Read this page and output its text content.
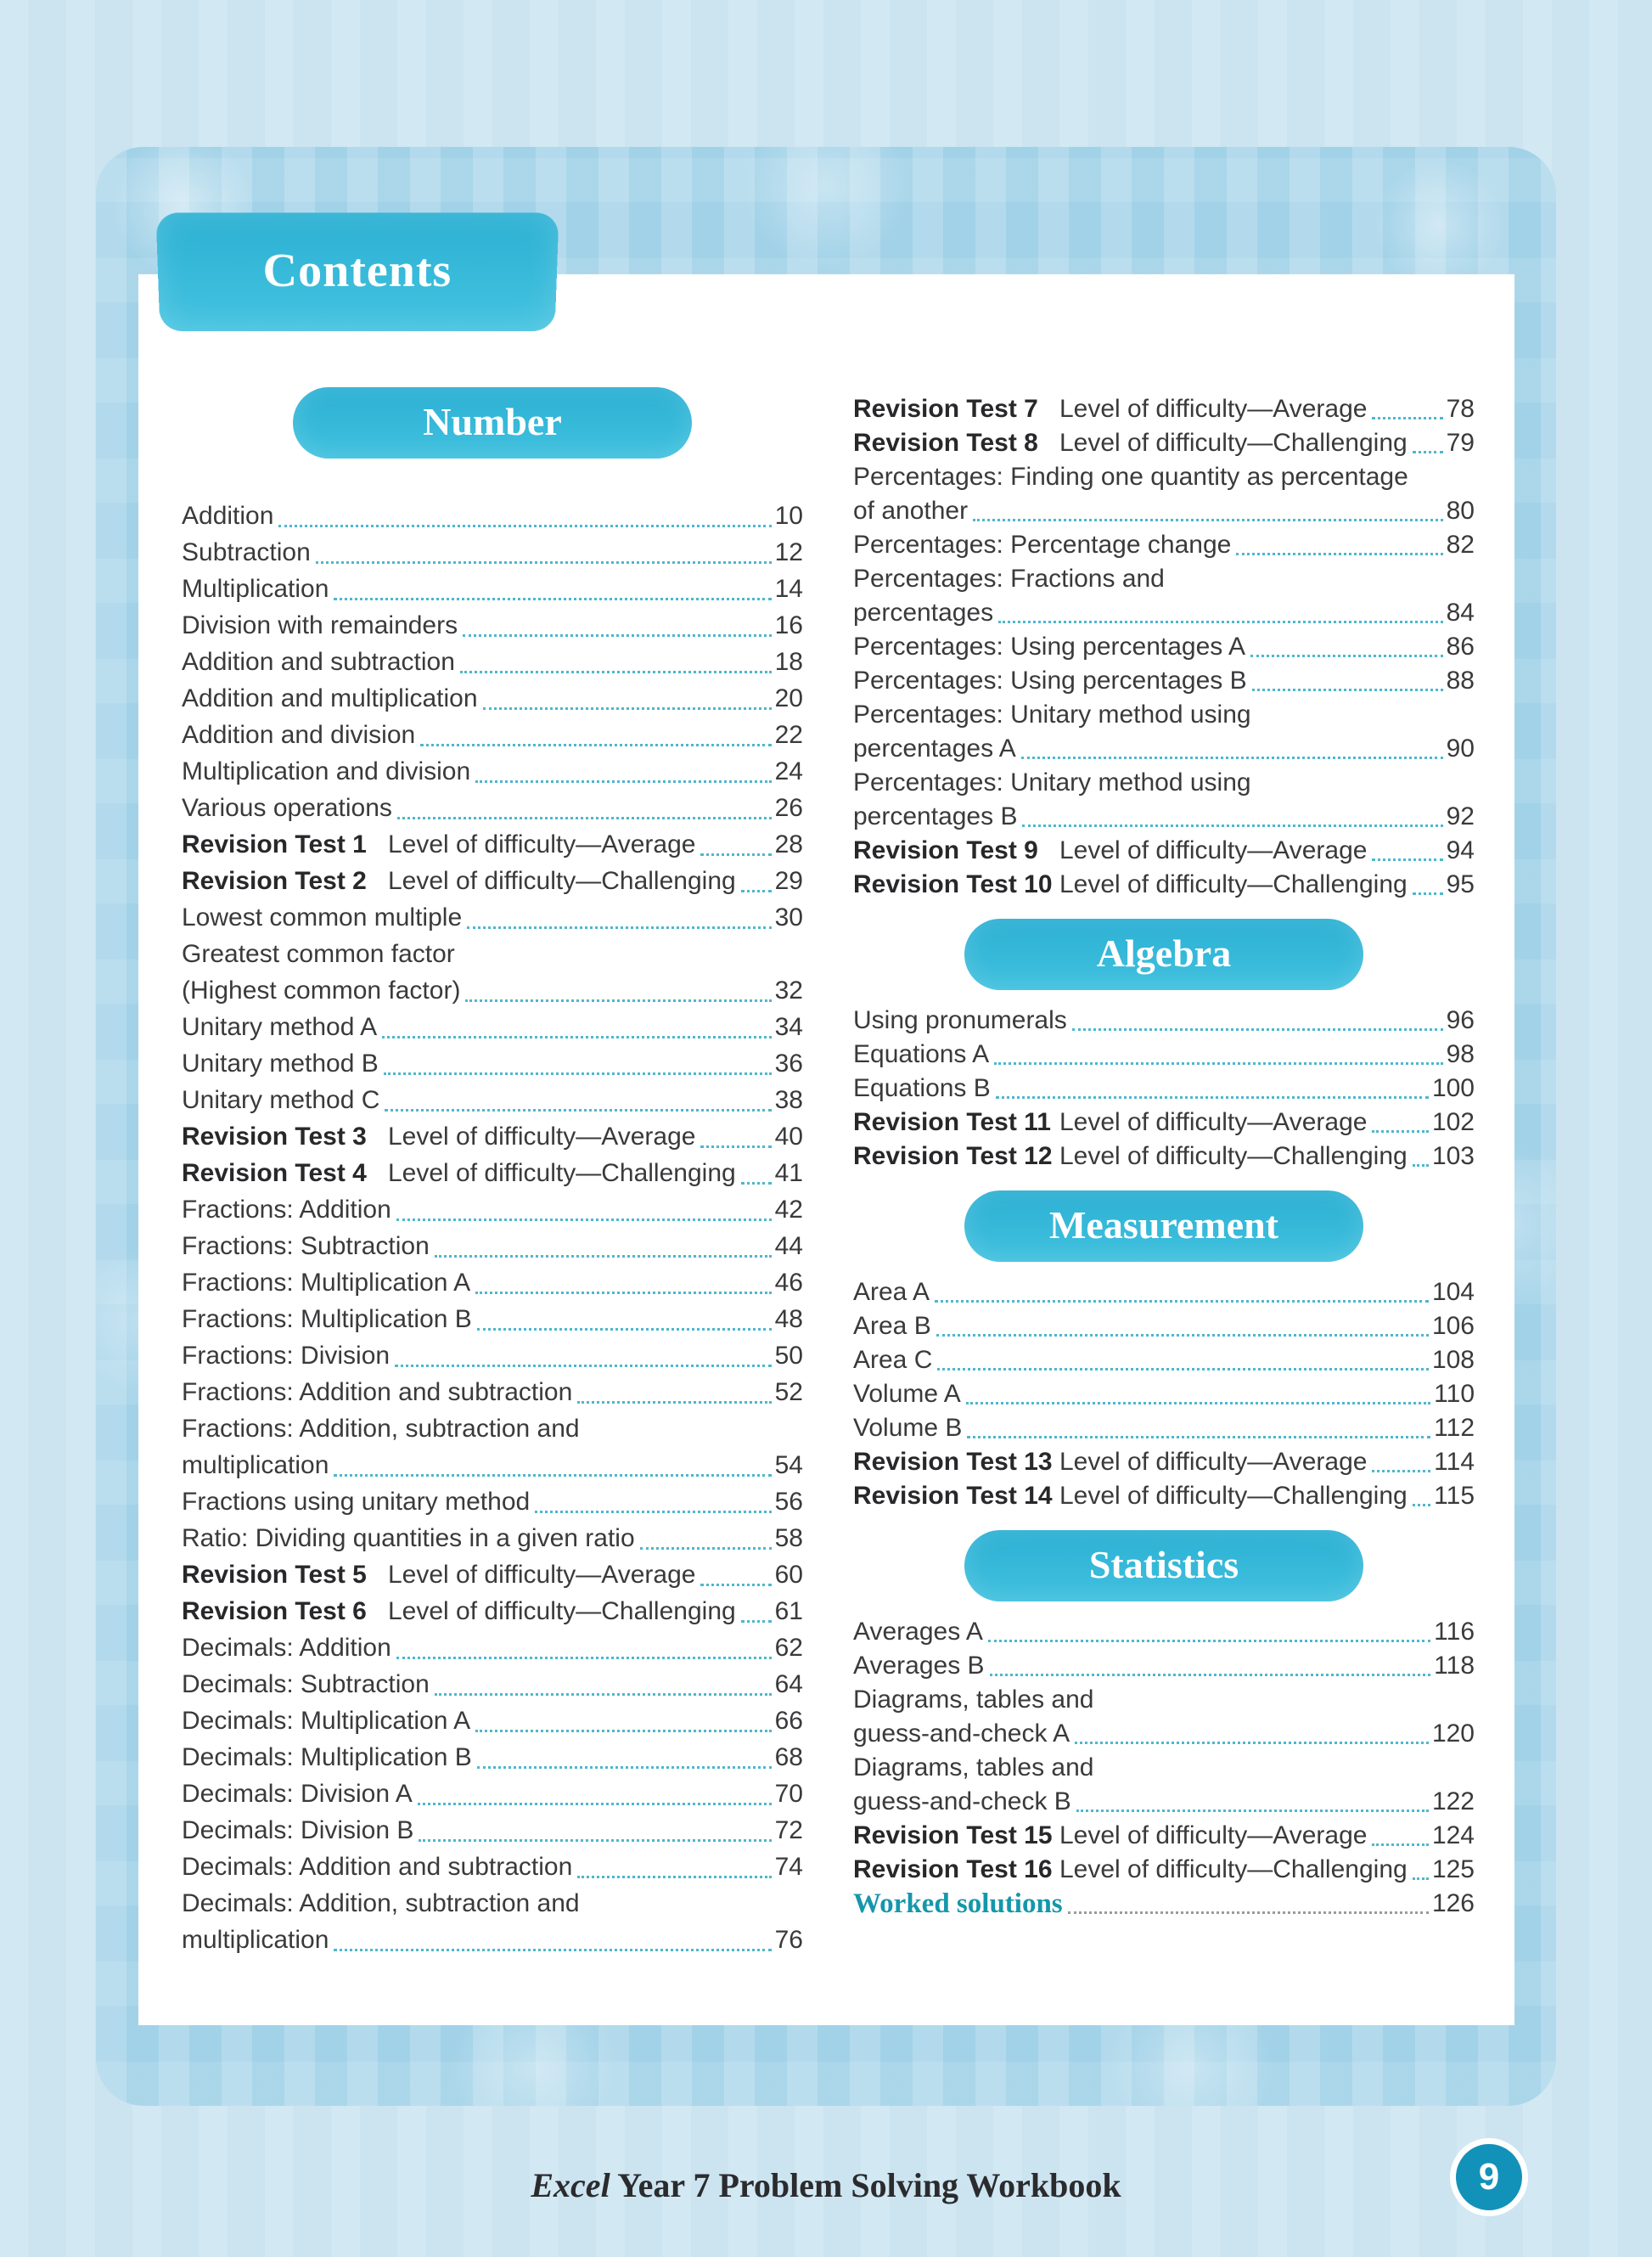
Contents
Number
Addition	10
Subtraction	12
Multiplication	14
Division with remainders	16
Addition and subtraction	18
Addition and multiplication	20
Addition and division	22
Multiplication and division	24
Various operations	26
Revision Test 1 Level of difficulty—Average	28
Revision Test 2 Level of difficulty—Challenging 29
Lowest common multiple	30
Greatest common factor
(Highest common factor)	32
Unitary method A	34
Unitary method B	36
Unitary method C	38
Revision Test 3 Level of difficulty—Average	40
Revision Test 4 Level of difficulty—Challenging 41
Fractions: Addition	42
Fractions: Subtraction	44
Fractions: Multiplication A	46
Fractions: Multiplication B	48
Fractions: Division	50
Fractions: Addition and subtraction	52
Fractions: Addition, subtraction and
multiplication	54
Fractions using unitary method	56
Ratio: Dividing quantities in a given ratio	58
Revision Test 5 Level of difficulty—Average	60
Revision Test 6 Level of difficulty—Challenging 61
Decimals: Addition	62
Decimals: Subtraction	64
Decimals: Multiplication A	66
Decimals: Multiplication B	68
Decimals: Division A	70
Decimals: Division B	72
Decimals: Addition and subtraction	74
Decimals: Addition, subtraction and
multiplication	76
Revision Test 7 Level of difficulty—Average	78
Revision Test 8 Level of difficulty—Challenging 79
Percentages: Finding one quantity as percentage
of another	80
Percentages: Percentage change	82
Percentages: Fractions and
percentages	84
Percentages: Using percentages A	86
Percentages: Using percentages B	88
Percentages: Unitary method using
percentages A	90
Percentages: Unitary method using
percentages B	92
Revision Test 9 Level of difficulty—Average	94
Revision Test 10 Level of difficulty—Challenging 95
Algebra
Using pronumerals	96
Equations A	98
Equations B	100
Revision Test 11 Level of difficulty—Average	102
Revision Test 12 Level of difficulty—Challenging 103
Measurement
Area A	104
Area B	106
Area C	108
Volume A	110
Volume B	112
Revision Test 13 Level of difficulty—Average	114
Revision Test 14 Level of difficulty—Challenging 115
Statistics
Averages A	116
Averages B	118
Diagrams, tables and
guess-and-check A	120
Diagrams, tables and
guess-and-check B	122
Revision Test 15 Level of difficulty—Average	124
Revision Test 16 Level of difficulty—Challenging 125
Worked solutions	126
Excel Year 7 Problem Solving Workbook	9
